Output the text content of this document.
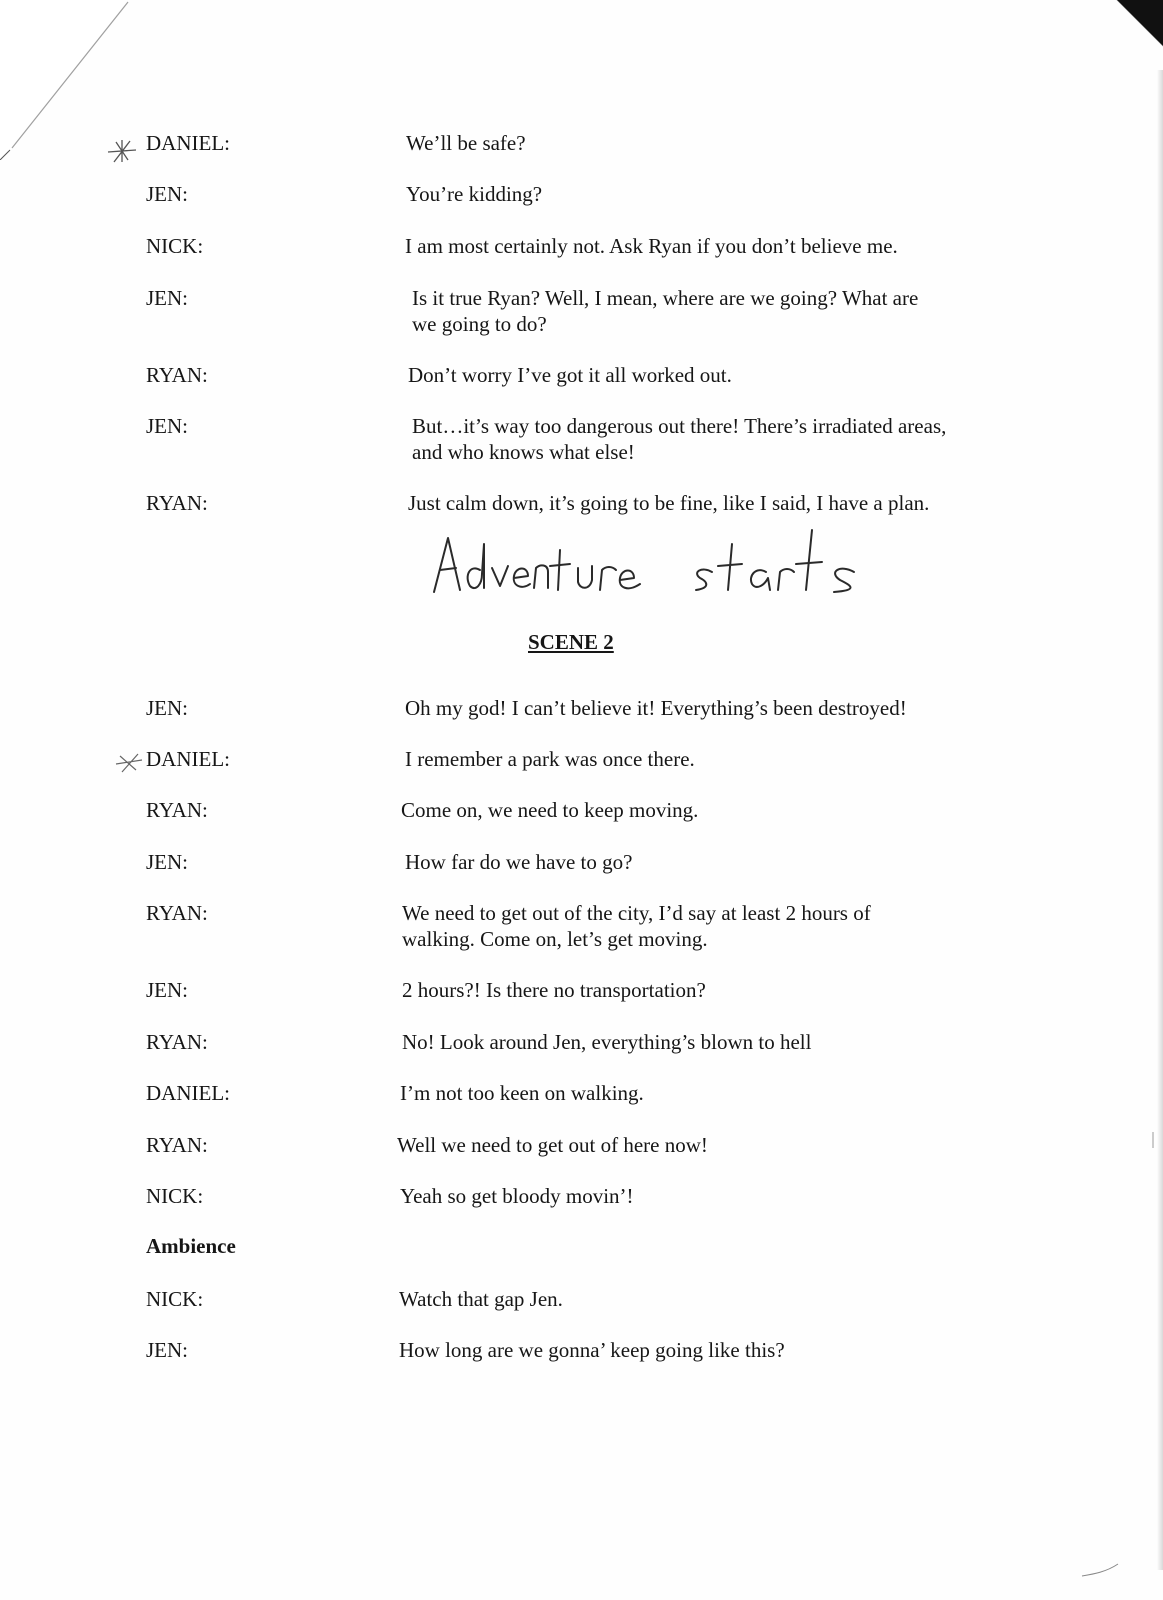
DANIEL:	We’ll be safe?
JEN:	You’re kidding?
NICK:	I am most certainly not. Ask Ryan if you don’t believe me.
JEN:	Is it true Ryan? Well, I mean, where are we going? What are
we going to do?
RYAN:	Don’t worry I’ve got it all worked out.
JEN:	But…it’s way too dangerous out there! There’s irradiated areas,
and who knows what else!
RYAN:	Just calm down, it’s going to be fine, like I said, I have a plan.
SCENE 2
JEN:	Oh my god! I can’t believe it! Everything’s been destroyed!
DANIEL:	I remember a park was once there.
RYAN:	Come on, we need to keep moving.
JEN:	How far do we have to go?
RYAN:	We need to get out of the city, I’d say at least 2 hours of
walking. Come on, let’s get moving.
JEN:	2 hours?! Is there no transportation?
RYAN:	No! Look around Jen, everything’s blown to hell
DANIEL:	I’m not too keen on walking.
RYAN:	Well we need to get out of here now!
NICK:	Yeah so get bloody movin’!
Ambience
NICK:	Watch that gap Jen.
JEN:	How long are we gonna’ keep going like this?
